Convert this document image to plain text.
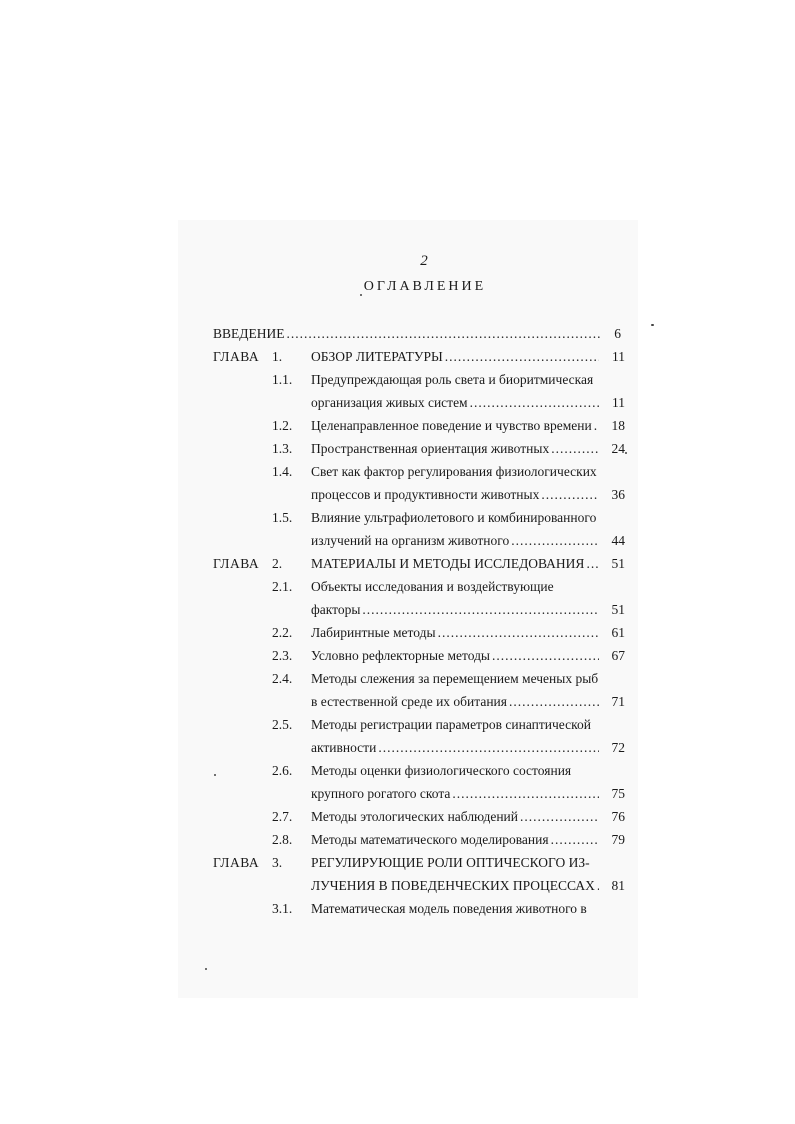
2
ОГЛАВЛЕНИЕ
ВВЕДЕНИЕ .....	6
ГЛАВА 1. ОБЗОР ЛИТЕРАТУРЫ .....	11
1.1. Предупреждающая роль света и биоритмическая
организация живых систем .....	11
1.2. Целенаправленное поведение и чувство времени .....	18
1.3. Пространственная ориентация животных .....	24
1.4. Свет как фактор регулирования физиологических
процессов и продуктивности животных .....	36
1.5. Влияние ультрафиолетового и комбинированного
излучений на организм животного .....	44
ГЛАВА 2. МАТЕРИАЛЫ И МЕТОДЫ ИССЛЕДОВАНИЯ .....	51
2.1. Объекты исследования и воздействующие
факторы .....	51
2.2. Лабиринтные методы .....	61
2.3. Условно рефлекторные методы .....	67
2.4. Методы слежения за перемещением меченых рыб
в естественной среде их обитания .....	71
2.5. Методы регистрации параметров синаптической
активности .....	72
2.6. Методы оценки физиологического состояния
крупного рогатого скота .....	75
2.7. Методы этологических наблюдений .....	76
2.8. Методы математического моделирования .....	79
ГЛАВА 3. РЕГУЛИРУЮЩИЕ РОЛИ ОПТИЧЕСКОГО ИЗ-
ЛУЧЕНИЯ В ПОВЕДЕНЧЕСКИХ ПРОЦЕССАХ .....	81
3.1. Математическая модель поведения животного в
